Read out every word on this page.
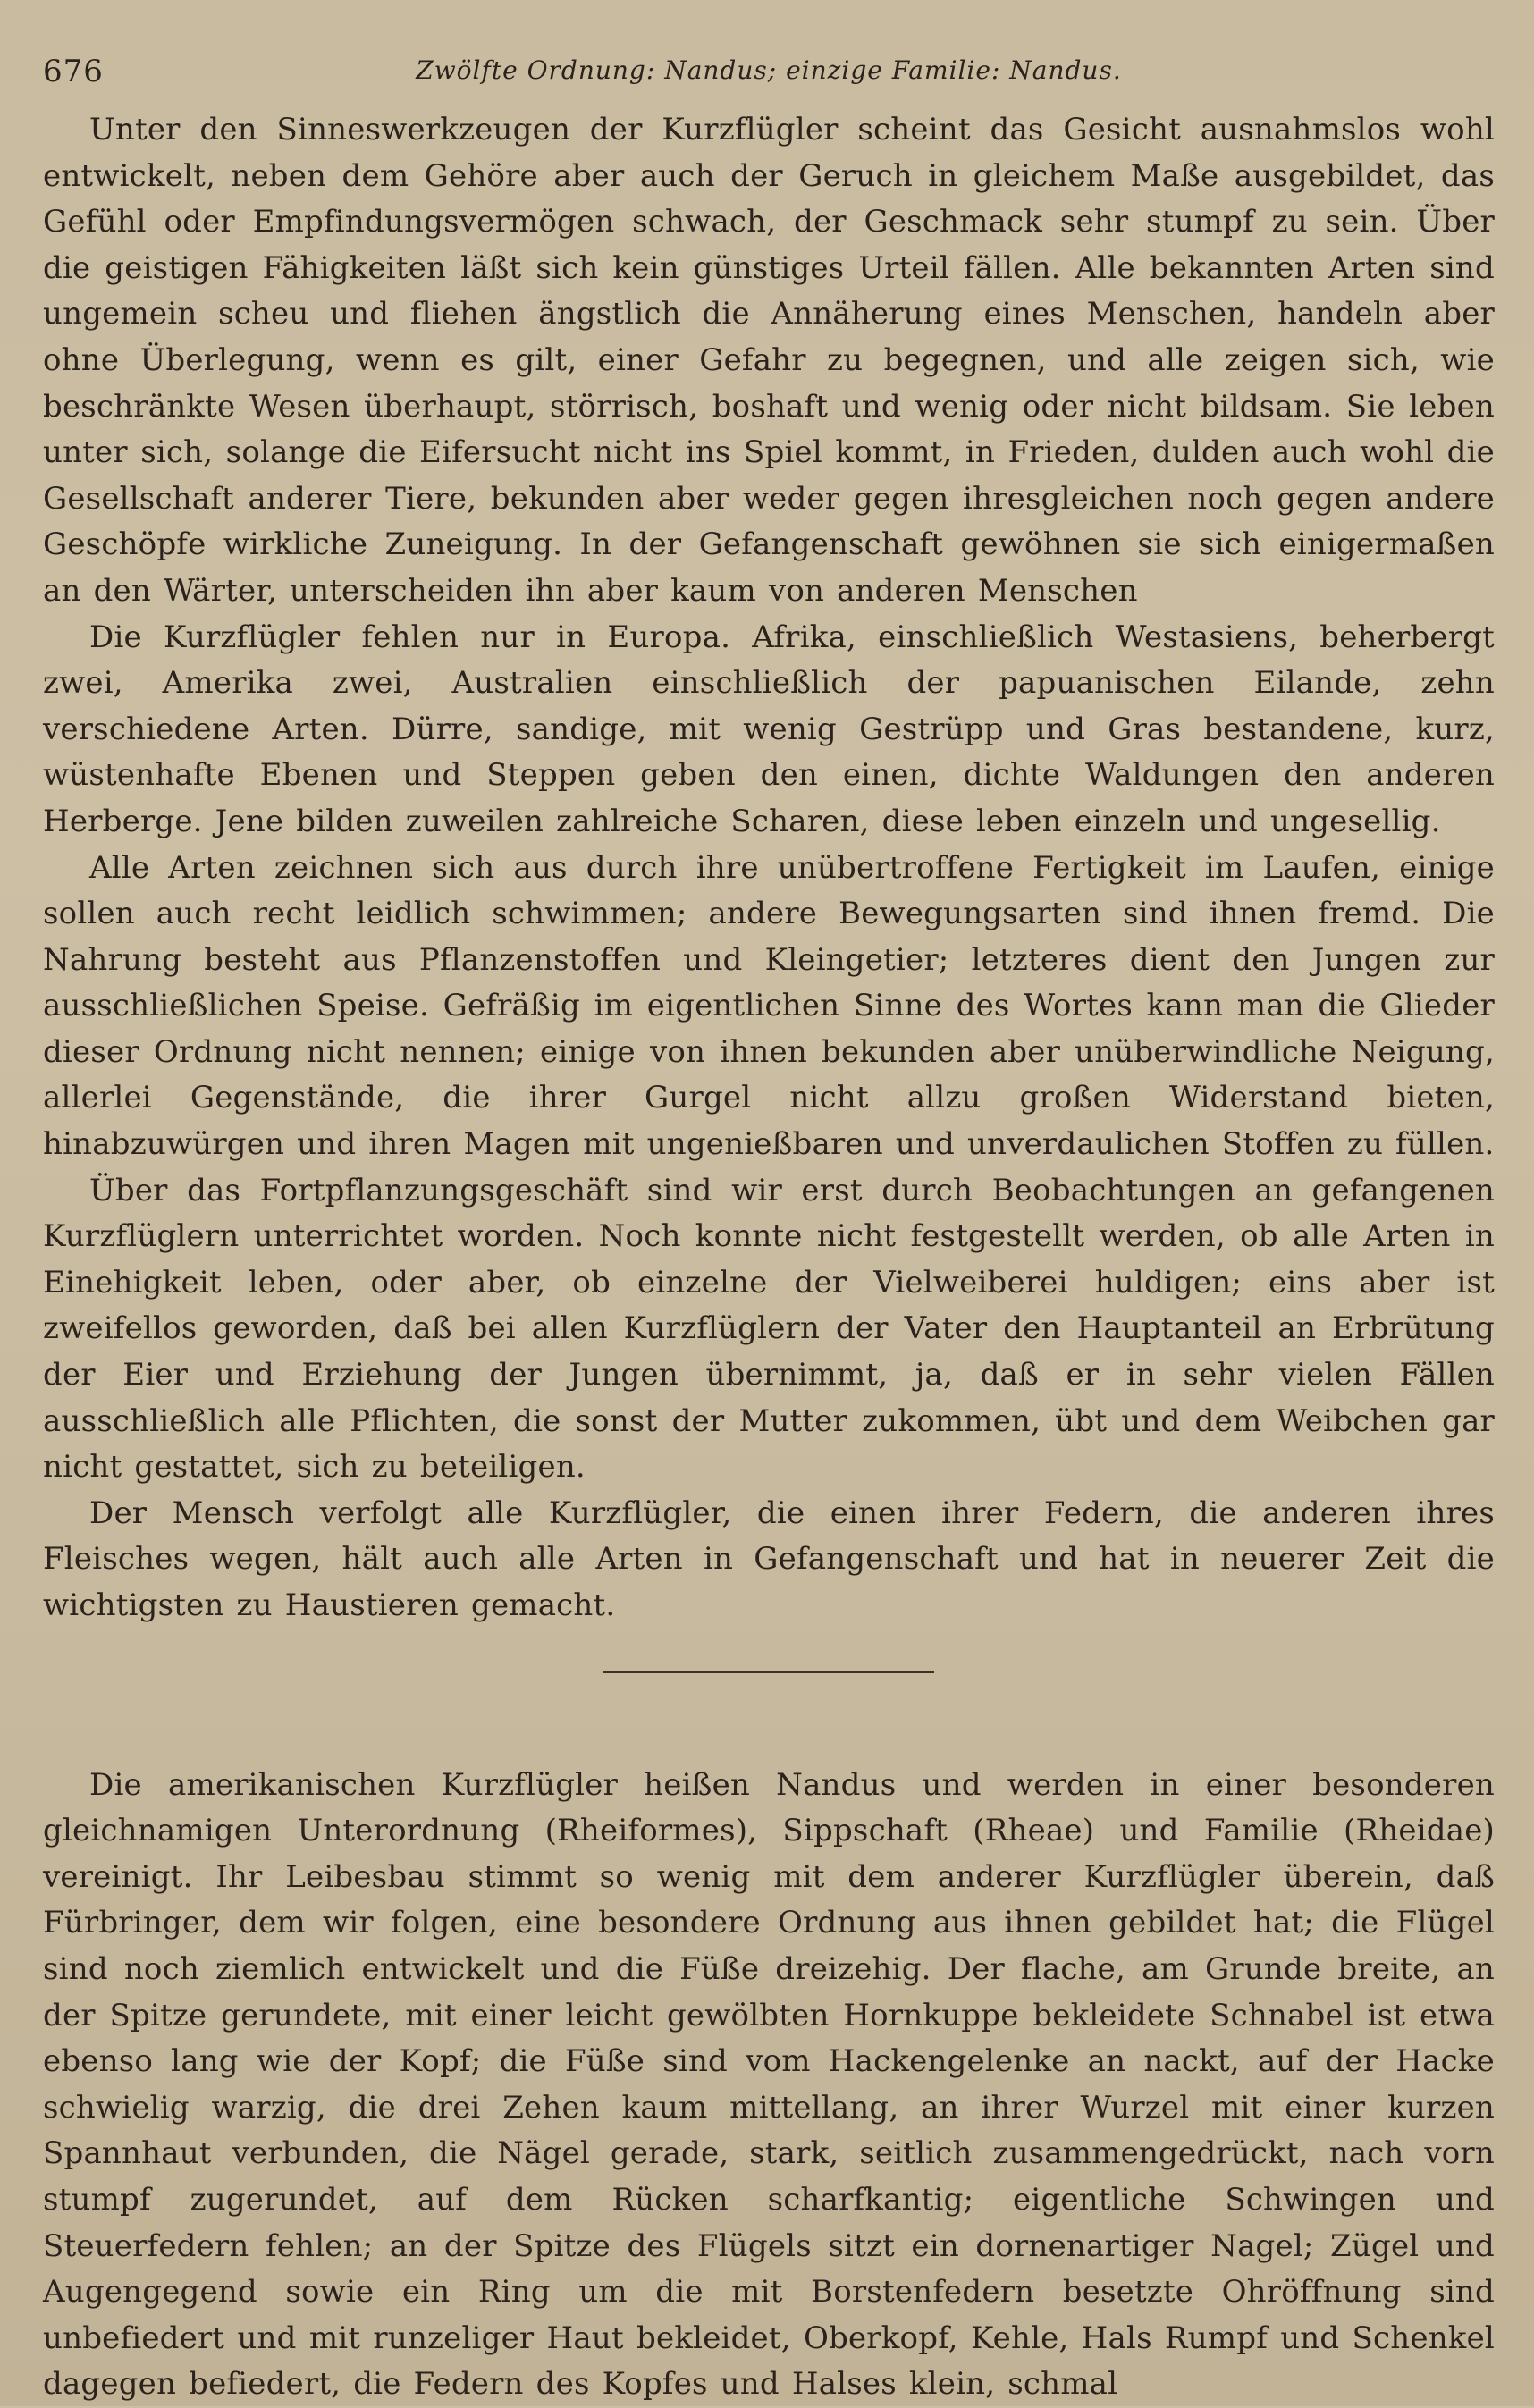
676	Zwölfte Ordnung: Nandus; einzige Familie: Nandus.

Unter den Sinneswerkzeugen der Kurzflügler scheint das Gesicht ausnahmslos wohl entwickelt, neben dem Gehöre aber auch der Geruch in gleichem Maße ausgebildet, das Gefühl oder Empfindungsvermögen schwach, der Geschmack sehr stumpf zu sein. Über die geistigen Fähigkeiten läßt sich kein günstiges Urteil fällen. Alle bekannten Arten sind ungemein scheu und fliehen ängstlich die Annäherung eines Menschen, handeln aber ohne Überlegung, wenn es gilt, einer Gefahr zu begegnen, und alle zeigen sich, wie beschränkte Wesen überhaupt, störrisch, boshaft und wenig oder nicht bildsam. Sie leben unter sich, solange die Eifersucht nicht ins Spiel kommt, in Frieden, dulden auch wohl die Gesellschaft anderer Tiere, bekunden aber weder gegen ihresgleichen noch gegen andere Geschöpfe wirkliche Zuneigung. In der Gefangenschaft gewöhnen sie sich einigermaßen an den Wärter, unterscheiden ihn aber kaum von anderen Menschen

Die Kurzflügler fehlen nur in Europa. Afrika, einschließlich Westasiens, beherbergt zwei, Amerika zwei, Australien einschließlich der papuanischen Eilande, zehn verschiedene Arten. Dürre, sandige, mit wenig Gestrüpp und Gras bestandene, kurz, wüstenhafte Ebenen und Steppen geben den einen, dichte Waldungen den anderen Herberge. Jene bilden zuweilen zahlreiche Scharen, diese leben einzeln und ungesellig.

Alle Arten zeichnen sich aus durch ihre unübertroffene Fertigkeit im Laufen, einige sollen auch recht leidlich schwimmen; andere Bewegungsarten sind ihnen fremd. Die Nahrung besteht aus Pflanzenstoffen und Kleingetier; letzteres dient den Jungen zur ausschließlichen Speise. Gefräßig im eigentlichen Sinne des Wortes kann man die Glieder dieser Ordnung nicht nennen; einige von ihnen bekunden aber unüberwindliche Neigung, allerlei Gegenstände, die ihrer Gurgel nicht allzu großen Widerstand bieten, hinabzuwürgen und ihren Magen mit ungenießbaren und unverdaulichen Stoffen zu füllen.

Über das Fortpflanzungsgeschäft sind wir erst durch Beobachtungen an gefangenen Kurzflüglern unterrichtet worden. Noch konnte nicht festgestellt werden, ob alle Arten in Einehigkeit leben, oder aber, ob einzelne der Vielweiberei huldigen; eins aber ist zweifellos geworden, daß bei allen Kurzflüglern der Vater den Hauptanteil an Erbrütung der Eier und Erziehung der Jungen übernimmt, ja, daß er in sehr vielen Fällen ausschließlich alle Pflichten, die sonst der Mutter zukommen, übt und dem Weibchen gar nicht gestattet, sich zu beteiligen.

Der Mensch verfolgt alle Kurzflügler, die einen ihrer Federn, die anderen ihres Fleisches wegen, hält auch alle Arten in Gefangenschaft und hat in neuerer Zeit die wichtigsten zu Haustieren gemacht.

Die amerikanischen Kurzflügler heißen Nandus und werden in einer besonderen gleichnamigen Unterordnung (Rheiformes), Sippschaft (Rheae) und Familie (Rheidae) vereinigt. Ihr Leibesbau stimmt so wenig mit dem anderer Kurzflügler überein, daß Fürbringer, dem wir folgen, eine besondere Ordnung aus ihnen gebildet hat; die Flügel sind noch ziemlich entwickelt und die Füße dreizehig. Der flache, am Grunde breite, an der Spitze gerundete, mit einer leicht gewölbten Hornkuppe bekleidete Schnabel ist etwa ebenso lang wie der Kopf; die Füße sind vom Hackengelenke an nackt, auf der Hacke schwielig warzig, die drei Zehen kaum mittellang, an ihrer Wurzel mit einer kurzen Spannhaut verbunden, die Nägel gerade, stark, seitlich zusammengedrückt, nach vorn stumpf zugerundet, auf dem Rücken scharfkantig; eigentliche Schwingen und Steuerfedern fehlen; an der Spitze des Flügels sitzt ein dornenartiger Nagel; Zügel und Augengegend sowie ein Ring um die mit Borstenfedern besetzte Ohröffnung sind unbefiedert und mit runzeliger Haut bekleidet, Oberkopf, Kehle, Hals Rumpf und Schenkel dagegen befiedert, die Federn des Kopfes und Halses klein, schmal
